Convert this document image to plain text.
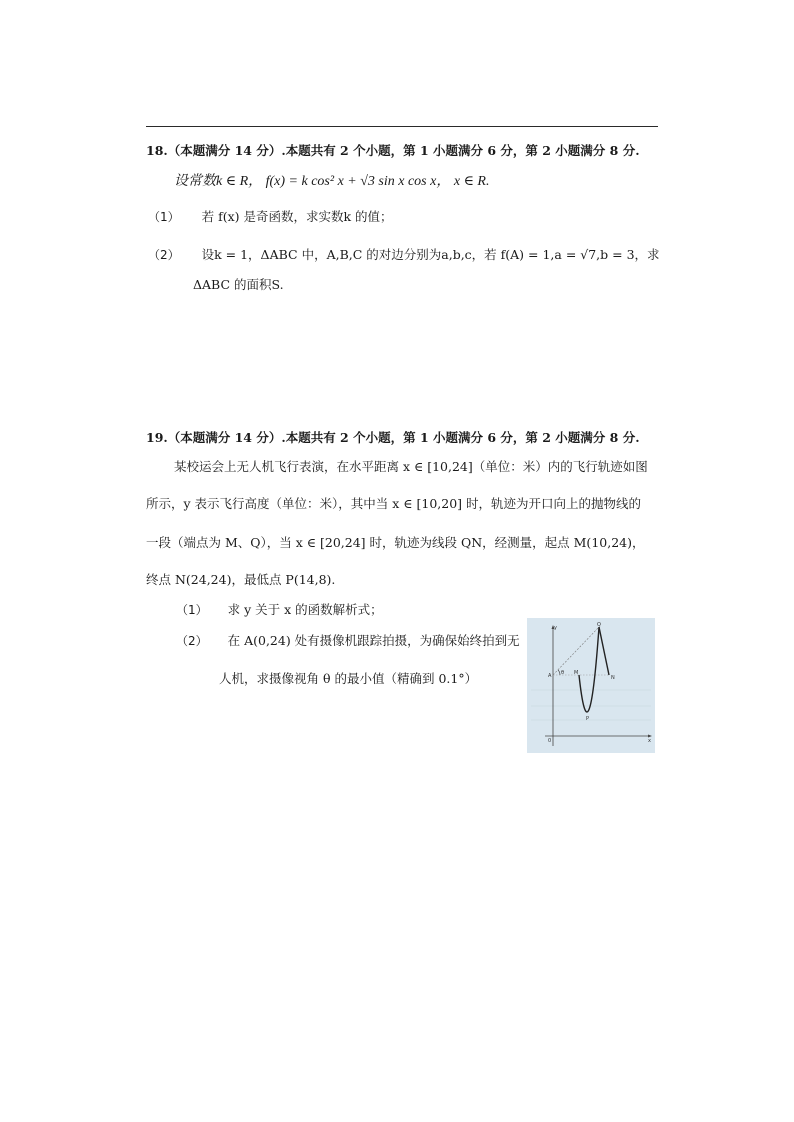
18.（本题满分 14 分）.本题共有 2 个小题，第 1 小题满分 6 分，第 2 小题满分 8 分.
设常数k ∈ R， f(x) = k cos² x + √3 sin x cos x， x ∈ R.
（1） 若 f(x) 是奇函数，求实数k 的值；
（2） 设k = 1，ΔABC 中，A,B,C 的对边分别为a,b,c，若 f(A) = 1,a = √7,b = 3，求
ΔABC 的面积S.
19.（本题满分 14 分）.本题共有 2 个小题，第 1 小题满分 6 分，第 2 小题满分 8 分.
某校运会上无人机飞行表演，在水平距离 x ∈ [10,24]（单位：米）内的飞行轨迹如图
所示，y 表示飞行高度（单位：米），其中当 x ∈ [10,20] 时，轨迹为开口向上的抛物线的
一段（端点为 M、Q），当 x ∈ [20,24] 时，轨迹为线段 QN，经测量，起点 M(10,24)，
终点 N(24,24)，最低点 P(14,8).
（1） 求 y 关于 x 的函数解析式；
（2） 在 A(0,24) 处有摄像机跟踪拍摄，为确保始终拍到无
人机，求摄像视角 θ 的最小值（精确到 0.1°）
y
x
0
A θ M
Q
N
P
